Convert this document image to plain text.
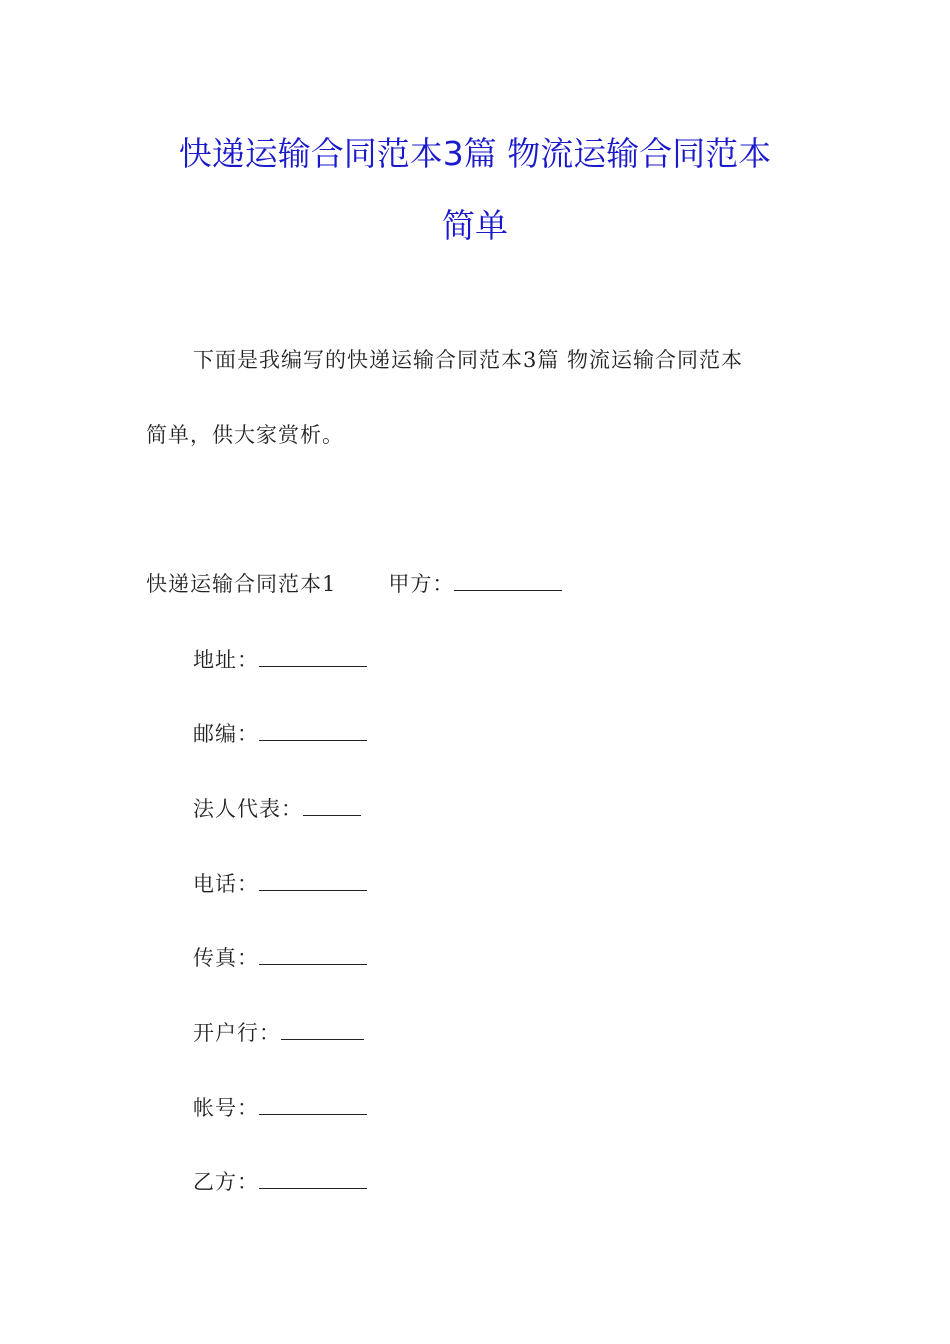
快递运输合同范本3篇 物流运输合同范本
简单
下面是我编写的快递运输合同范本3篇 物流运输合同范本
简单，供大家赏析。
快递运输合同范本1 甲方：
地址：
邮编：
法人代表：
电话：
传真：
开户行：
帐号：
乙方：
